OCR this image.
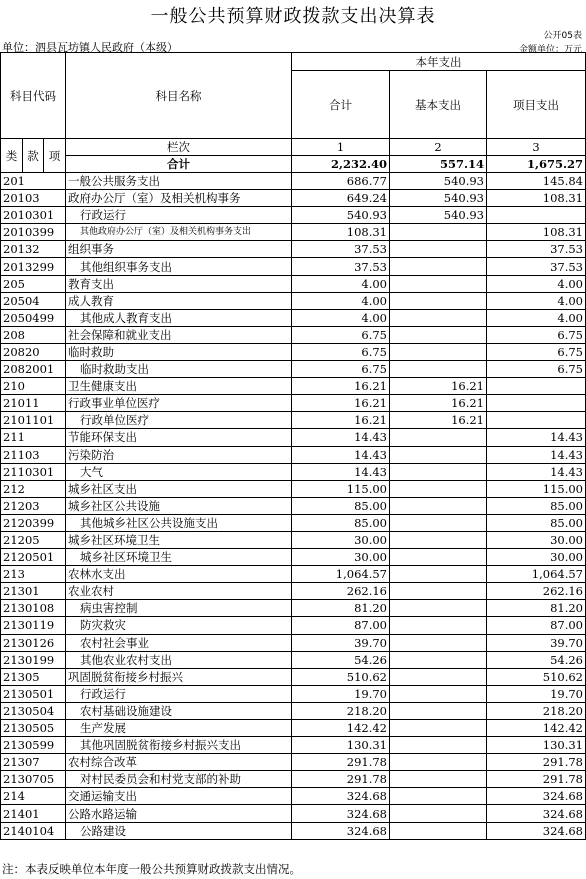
一般公共预算财政拨款支出决算表
公开05表
单位：泗县瓦坊镇人民政府（本级）	金额单位：万元
科目代码			科目名称	本年支出		
				合计	基本支出	项目支出
类	款	项	栏次	1	2	3
			合计	2,232.40	557.14	1,675.27
201			一般公共服务支出	686.77	540.93	145.84
20103			政府办公厅（室）及相关机构事务	649.24	540.93	108.31
2010301			行政运行	540.93	540.93	
2010399			其他政府办公厅（室）及相关机构事务支出	108.31		108.31
20132			组织事务	37.53		37.53
2013299			其他组织事务支出	37.53		37.53
205			教育支出	4.00		4.00
20504			成人教育	4.00		4.00
2050499			其他成人教育支出	4.00		4.00
208			社会保障和就业支出	6.75		6.75
20820			临时救助	6.75		6.75
2082001			临时救助支出	6.75		6.75
210			卫生健康支出	16.21	16.21	
21011			行政事业单位医疗	16.21	16.21	
2101101			行政单位医疗	16.21	16.21	
211			节能环保支出	14.43		14.43
21103			污染防治	14.43		14.43
2110301			大气	14.43		14.43
212			城乡社区支出	115.00		115.00
21203			城乡社区公共设施	85.00		85.00
2120399			其他城乡社区公共设施支出	85.00		85.00
21205			城乡社区环境卫生	30.00		30.00
2120501			城乡社区环境卫生	30.00		30.00
213			农林水支出	1,064.57		1,064.57
21301			农业农村	262.16		262.16
2130108			病虫害控制	81.20		81.20
2130119			防灾救灾	87.00		87.00
2130126			农村社会事业	39.70		39.70
2130199			其他农业农村支出	54.26		54.26
21305			巩固脱贫衔接乡村振兴	510.62		510.62
2130501			行政运行	19.70		19.70
2130504			农村基础设施建设	218.20		218.20
2130505			生产发展	142.42		142.42
2130599			其他巩固脱贫衔接乡村振兴支出	130.31		130.31
21307			农村综合改革	291.78		291.78
2130705			对村民委员会和村党支部的补助	291.78		291.78
214			交通运输支出	324.68		324.68
21401			公路水路运输	324.68		324.68
2140104			公路建设	324.68		324.68
注：本表反映单位本年度一般公共预算财政拨款支出情况。
